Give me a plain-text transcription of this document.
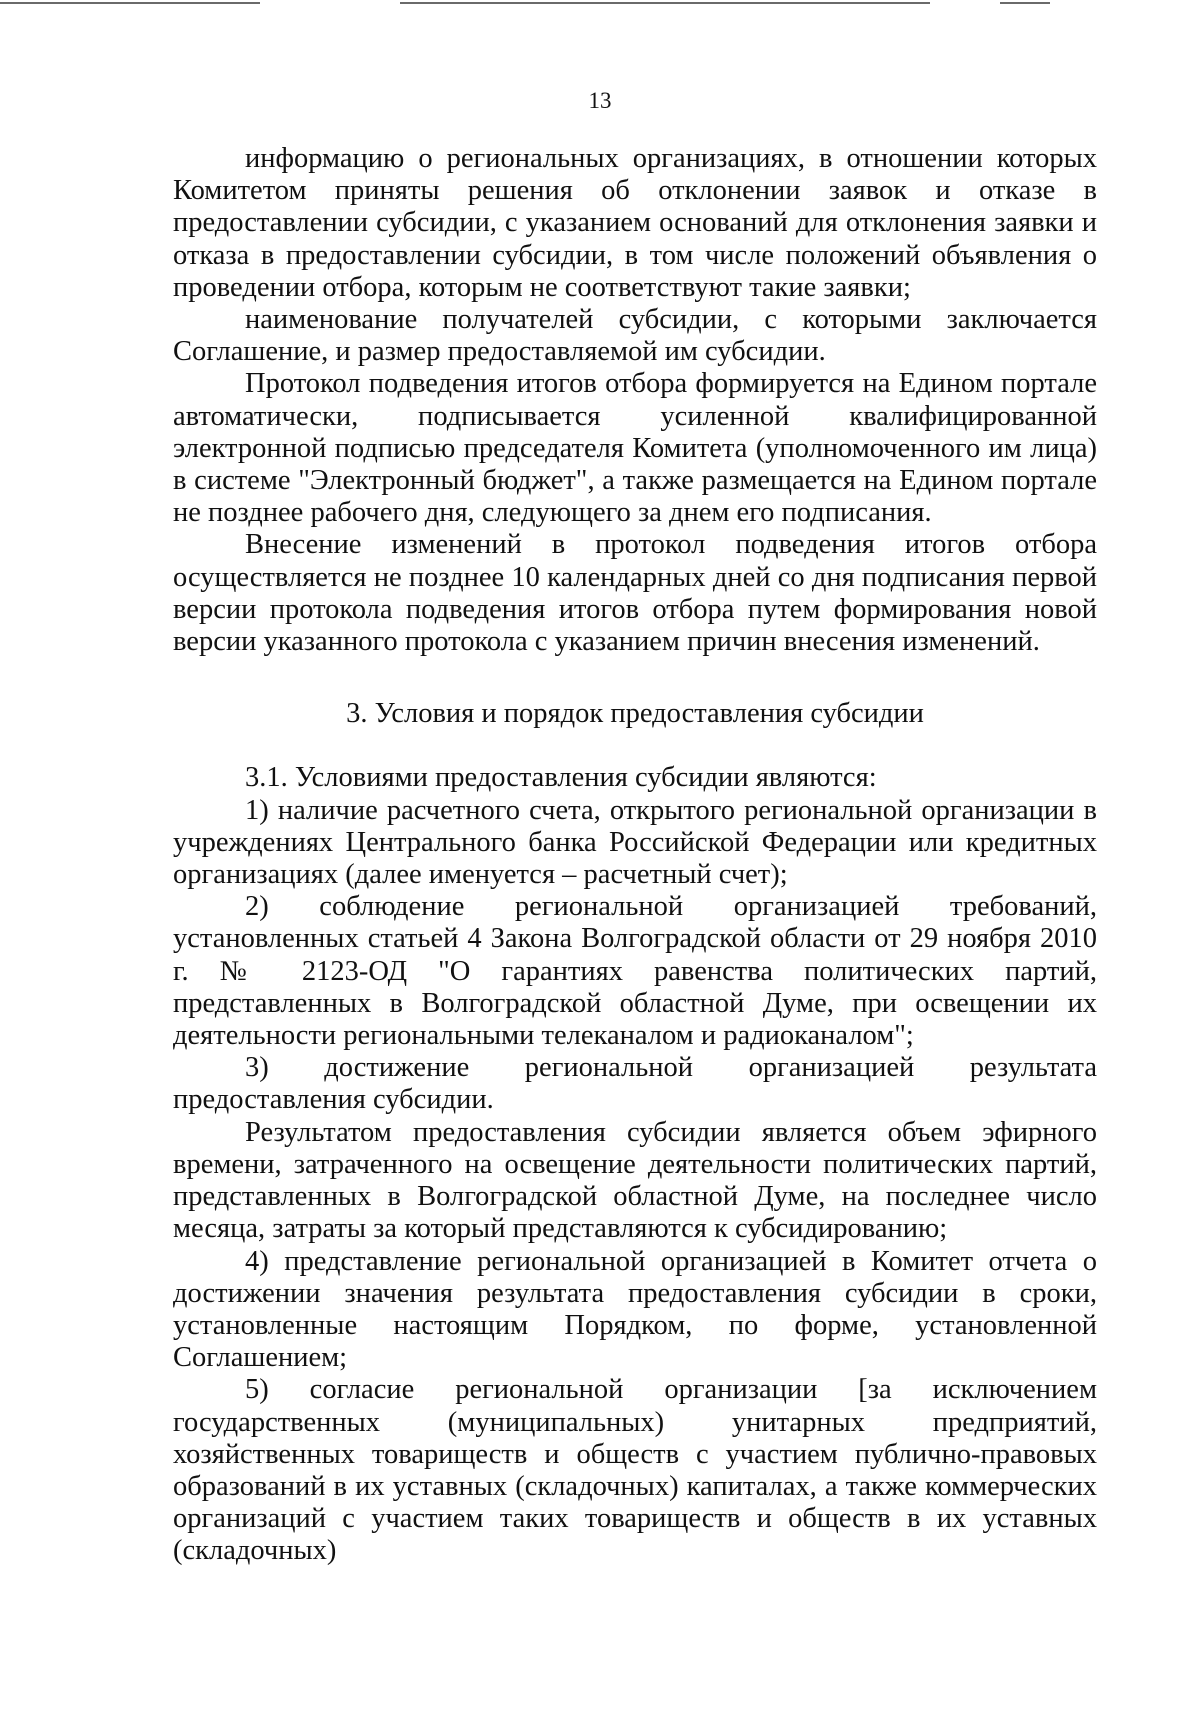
13

информацию о региональных организациях, в отношении которых Комитетом приняты решения об отклонении заявок и отказе в предоставлении субсидии, с указанием оснований для отклонения заявки и отказа в предоставлении субсидии, в том числе положений объявления о проведении отбора, которым не соответствуют такие заявки;

наименование получателей субсидии, с которыми заключается Соглашение, и размер предоставляемой им субсидии.

Протокол подведения итогов отбора формируется на Едином портале автоматически, подписывается усиленной квалифицированной электронной подписью председателя Комитета (уполномоченного им лица) в системе "Электронный бюджет", а также размещается на Едином портале не позднее рабочего дня, следующего за днем его подписания.

Внесение изменений в протокол подведения итогов отбора осуществляется не позднее 10 календарных дней со дня подписания первой версии протокола подведения итогов отбора путем формирования новой версии указанного протокола с указанием причин внесения изменений.

3. Условия и порядок предоставления субсидии

3.1. Условиями предоставления субсидии являются:

1) наличие расчетного счета, открытого региональной организации в учреждениях Центрального банка Российской Федерации или кредитных организациях (далее именуется – расчетный счет);

2) соблюдение региональной организацией требований, установленных статьей 4 Закона Волгоградской области от 29 ноября 2010 г. № 2123-ОД "О гарантиях равенства политических партий, представленных в Волгоградской областной Думе, при освещении их деятельности региональными телеканалом и радиоканалом";

3) достижение региональной организацией результата предоставления субсидии.

Результатом предоставления субсидии является объем эфирного времени, затраченного на освещение деятельности политических партий, представленных в Волгоградской областной Думе, на последнее число месяца, затраты за который представляются к субсидированию;

4) представление региональной организацией в Комитет отчета о достижении значения результата предоставления субсидии в сроки, установленные настоящим Порядком, по форме, установленной Соглашением;

5) согласие региональной организации [за исключением государственных (муниципальных) унитарных предприятий, хозяйственных товариществ и обществ с участием публично-правовых образований в их уставных (складочных) капиталах, а также коммерческих организаций с участием таких товариществ и обществ в их уставных (складочных)
